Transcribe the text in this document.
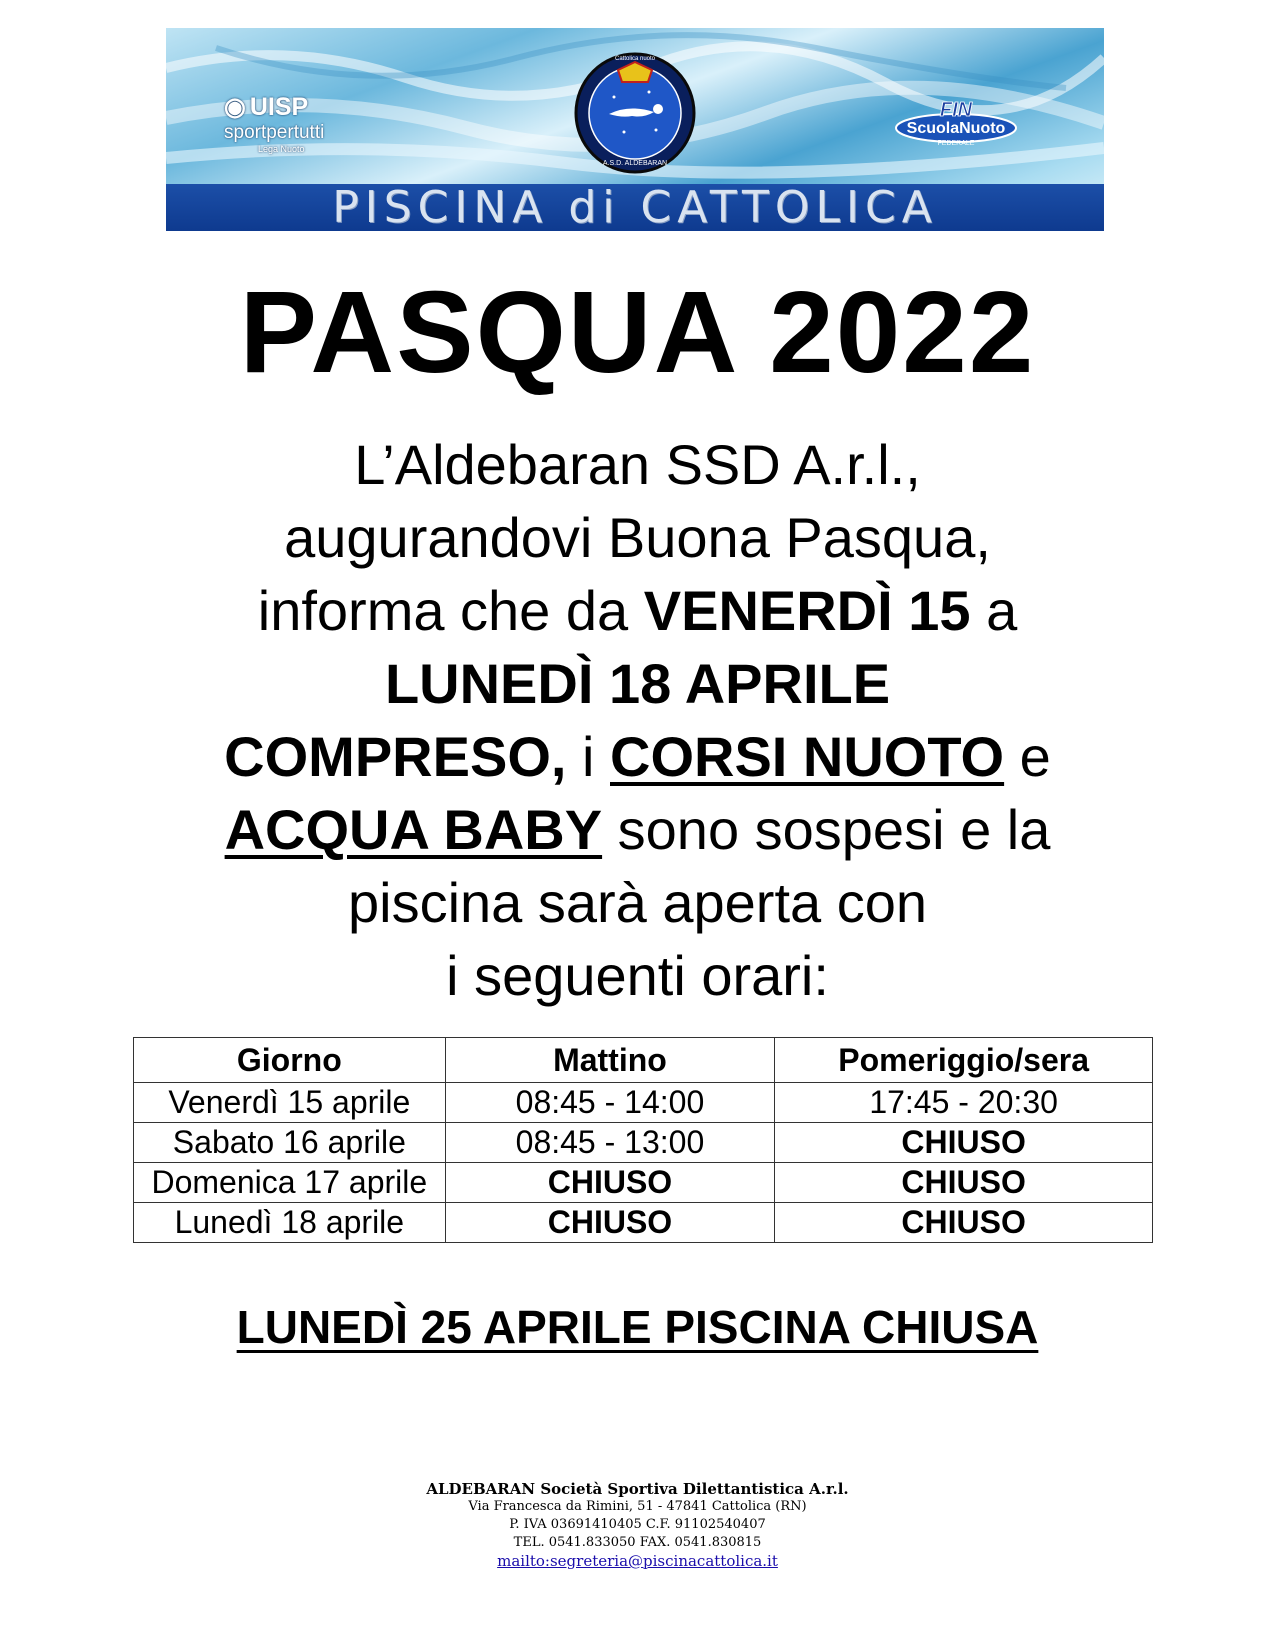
◉ UISP
sportpertutti
Lega Nuoto
A.S.D. ALDEBARAN
Cattolica nuoto
FIN
ScuolaNuoto
FEDERALE
PISCINA di CATTOLICA
PASQUA 2022
L’Aldebaran SSD A.r.l.,
augurandovi Buona Pasqua,
informa che da VENERDÌ 15 a
LUNEDÌ 18 APRILE
COMPRESO, i CORSI NUOTO e
ACQUA BABY sono sospesi e la
piscina sarà aperta con
i seguenti orari:
Giorno	Mattino	Pomeriggio/sera
Venerdì 15 aprile	08:45 - 14:00	17:45 - 20:30
Sabato 16 aprile	08:45 - 13:00	CHIUSO
Domenica 17 aprile	CHIUSO	CHIUSO
Lunedì 18 aprile	CHIUSO	CHIUSO
LUNEDÌ 25 APRILE PISCINA CHIUSA
ALDEBARAN Società Sportiva Dilettantistica A.r.l.
Via Francesca da Rimini, 51 - 47841 Cattolica (RN)
P. IVA 03691410405 C.F. 91102540407
TEL. 0541.833050 FAX. 0541.830815
mailto:segreteria@piscinacattolica.it
